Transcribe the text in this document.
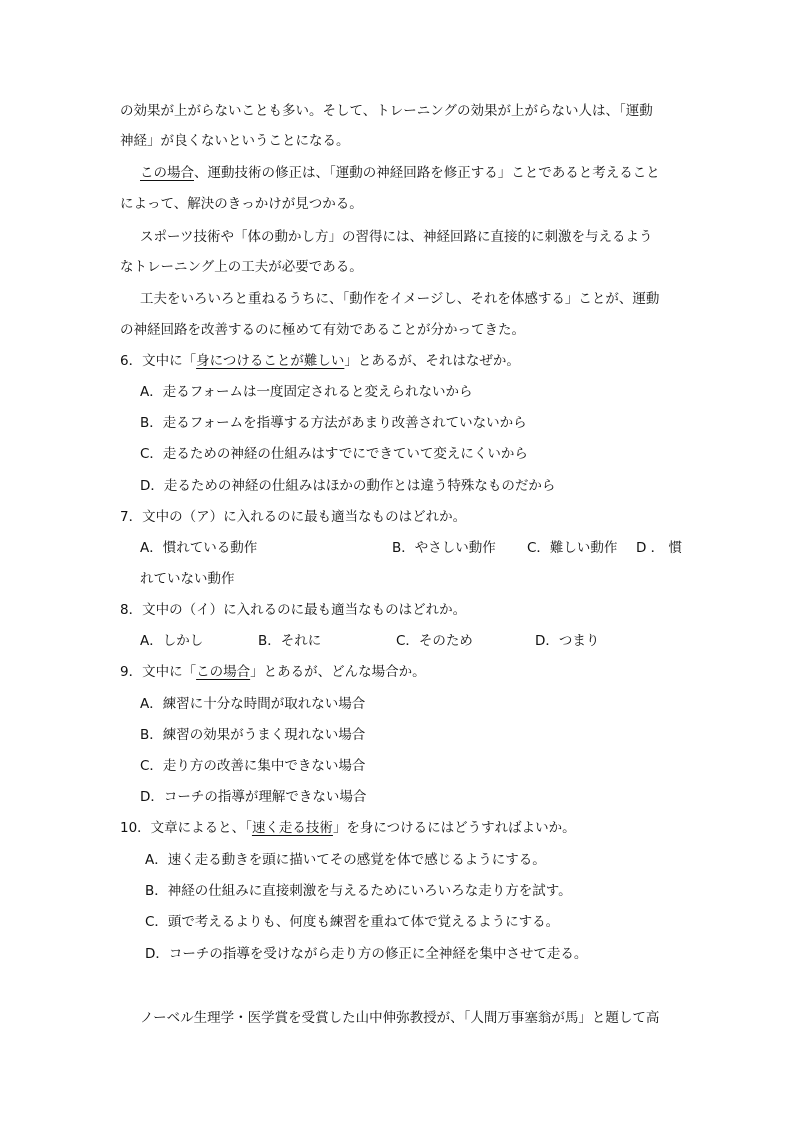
の効果が上がらないことも多い。そして、トレーニングの効果が上がらない人は、「運動
神経」が良くないということになる。
この場合、運動技術の修正は、「運動の神経回路を修正する」ことであると考えること
によって、解決のきっかけが見つかる。
スポーツ技術や「体の動かし方」の習得には、神経回路に直接的に刺激を与えるよう
なトレーニング上の工夫が必要である。
工夫をいろいろと重ねるうちに、「動作をイメージし、それを体感する」ことが、運動
の神経回路を改善するのに極めて有効であることが分かってきた。
6．文中に「身につけることが難しい」とあるが、それはなぜか。
A．走るフォームは一度固定されると変えられないから
B．走るフォームを指導する方法があまり改善されていないから
C．走るための神経の仕組みはすでにできていて変えにくいから
D．走るための神経の仕組みはほかの動作とは違う特殊なものだから
7．文中の（ア）に入れるのに最も適当なものはどれか。
A．慣れている動作	B．やさしい動作 C．難しい動作 D ． 慣
れていない動作
8．文中の（イ）に入れるのに最も適当なものはどれか。
A．しかし	B．それに	C．そのため	D．つまり
9．文中に「この場合」とあるが、どんな場合か。
A．練習に十分な時間が取れない場合
B．練習の効果がうまく現れない場合
C．走り方の改善に集中できない場合
D．コーチの指導が理解できない場合
10．文章によると、「速く走る技術」を身につけるにはどうすればよいか。
A．速く走る動きを頭に描いてその感覚を体で感じるようにする。
B．神経の仕組みに直接刺激を与えるためにいろいろな走り方を試す。
C．頭で考えるよりも、何度も練習を重ねて体で覚えるようにする。
D．コーチの指導を受けながら走り方の修正に全神経を集中させて走る。
ノーベル生理学・医学賞を受賞した山中伸弥教授が、「人間万事塞翁が馬」と題して高
